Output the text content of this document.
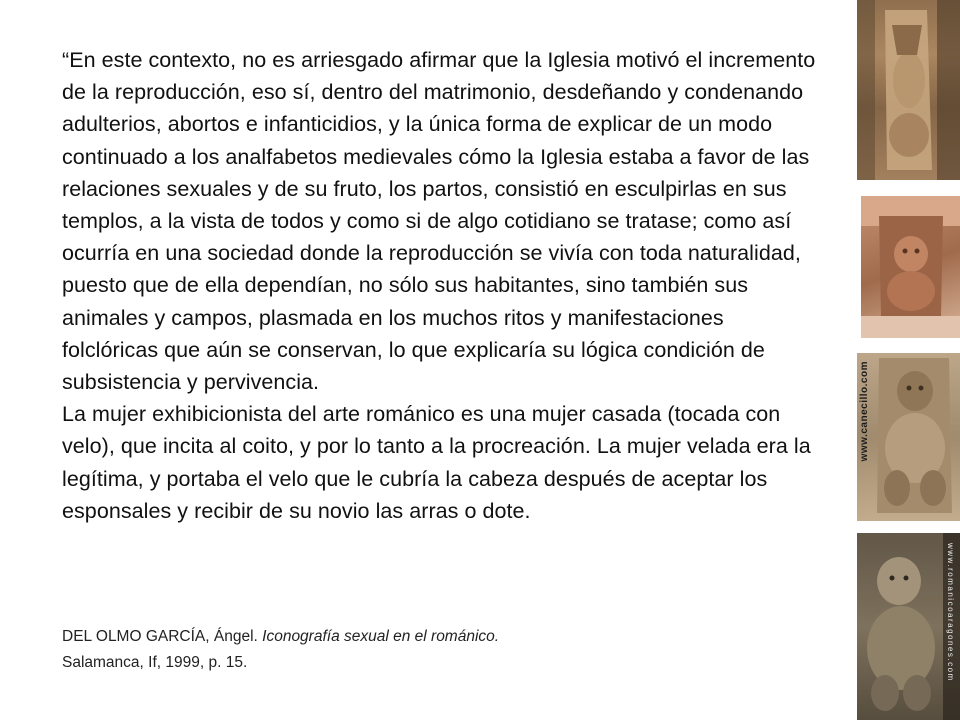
“En este contexto, no es arriesgado afirmar que la Iglesia motivó el incremento de la reproducción, eso sí, dentro del matrimonio, desdeñando y condenando adulterios, abortos e infanticidios, y la única forma de explicar de un modo continuado a los analfabetos medievales cómo la Iglesia estaba a favor de las relaciones sexuales y de su fruto, los partos, consistió en esculpirlas en sus templos, a la vista de todos y como si de algo cotidiano se tratase; como así ocurría en una sociedad donde la reproducción se vivía con toda naturalidad, puesto que de ella dependían, no sólo sus habitantes, sino también sus animales y campos, plasmada en los muchos ritos y manifestaciones folclóricas que aún se conservan, lo que explicaría su lógica condición de subsistencia y pervivencia.

La mujer exhibicionista del arte románico es una mujer casada (tocada con velo), que incita al coito, y por lo tanto a la procreación. La mujer velada era la legítima, y portaba el velo que le cubría la cabeza después de aceptar los esponsales y recibir de su novio las arras o dote.

DEL OLMO GARCÍA, Ángel. Iconografía sexual en el románico.
Salamanca, If, 1999, p. 15.
www.canecillo.com
www.romanicoaragones.com
